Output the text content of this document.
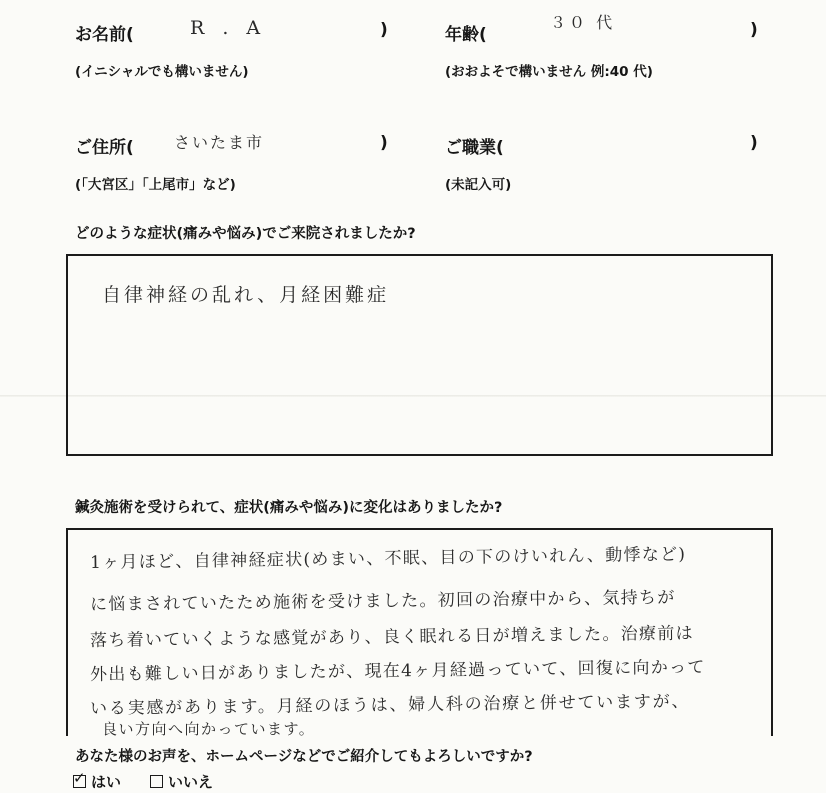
お名前(	R . A	)
(イニシャルでも構いません)
年齢(
３０ 代	)
(おおよそで構いません 例:40 代)
ご住所(	さいたま市	)
(「大宮区」「上尾市」など)
ご職業(	)
(未記入可)
どのような症状(痛みや悩み)でご来院されましたか?
自律神経の乱れ、月経困難症
鍼灸施術を受けられて、症状(痛みや悩み)に変化はありましたか?
1ヶ月ほど、自律神経症状(めまい、不眠、目の下のけいれん、動悸など)
に悩まされていたため施術を受けました。初回の治療中から、気持ちが
落ち着いていくような感覚があり、良く眠れる日が増えました。治療前は
外出も難しい日がありましたが、現在4ヶ月経過っていて、回復に向かって
いる実感があります。月経のほうは、婦人科の治療と併せていますが、
良い方向へ向かっています。
あなた様のお声を、ホームページなどでご紹介してもよろしいですか?
✓ はい	いいえ
